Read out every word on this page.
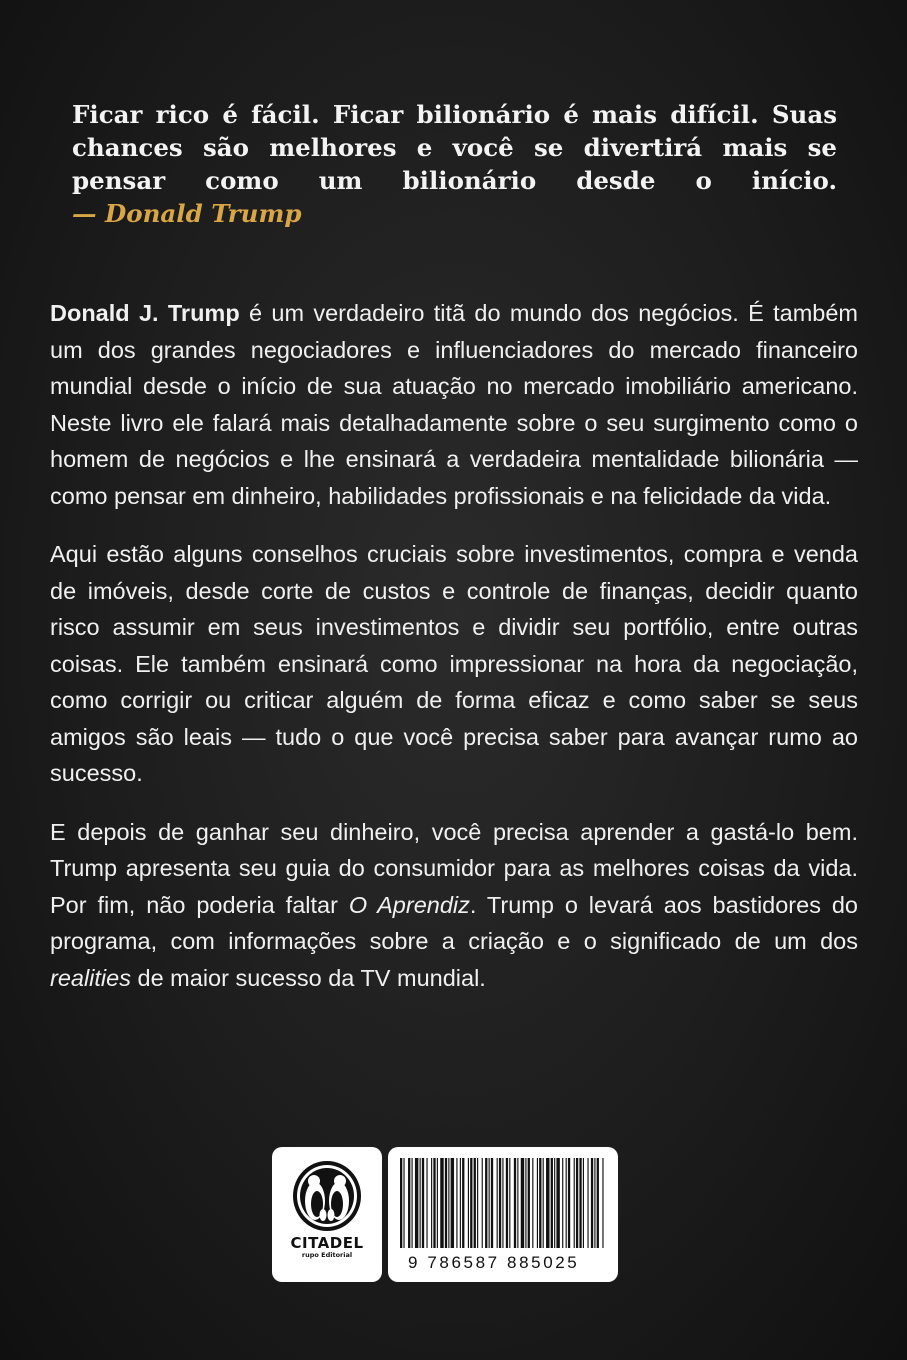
Ficar rico é fácil. Ficar bilionário é mais difícil. Suas chances são melhores e você se divertirá mais se pensar como um bilionário desde o início. — Donald Trump

Donald J. Trump é um verdadeiro titã do mundo dos negócios. É também um dos grandes negociadores e influenciadores do mercado financeiro mundial desde o início de sua atuação no mercado imobiliário americano. Neste livro ele falará mais detalhadamente sobre o seu surgimento como o homem de negócios e lhe ensinará a verdadeira mentalidade bilionária — como pensar em dinheiro, habilidades profissionais e na felicidade da vida.

Aqui estão alguns conselhos cruciais sobre investimentos, compra e venda de imóveis, desde corte de custos e controle de finanças, decidir quanto risco assumir em seus investimentos e dividir seu portfólio, entre outras coisas. Ele também ensinará como impressionar na hora da negociação, como corrigir ou criticar alguém de forma eficaz e como saber se seus amigos são leais — tudo o que você precisa saber para avançar rumo ao sucesso.

E depois de ganhar seu dinheiro, você precisa aprender a gastá-lo bem. Trump apresenta seu guia do consumidor para as melhores coisas da vida. Por fim, não poderia faltar O Aprendiz. Trump o levará aos bastidores do programa, com informações sobre a criação e o significado de um dos realities de maior sucesso da TV mundial.

CITADEL
rupo Editorial	9 786587 885025
